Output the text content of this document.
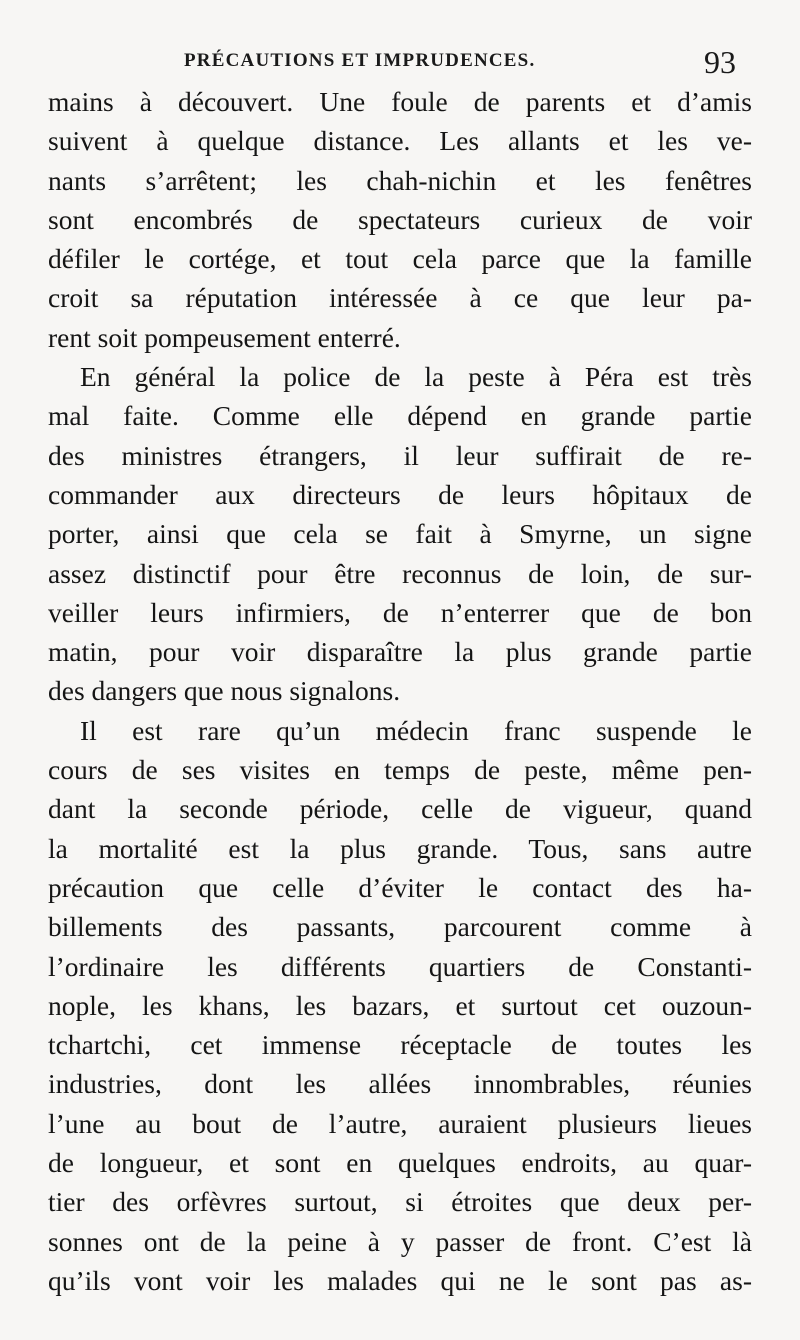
PRÉCAUTIONS ET IMPRUDENCES.	93
mains à découvert. Une foule de parents et d’amis
suivent à quelque distance. Les allants et les ve-
nants s’arrêtent; les chah-nichin et les fenêtres
sont encombrés de spectateurs curieux de voir
défiler le cortége, et tout cela parce que la famille
croit sa réputation intéressée à ce que leur pa-
rent soit pompeusement enterré.
En général la police de la peste à Péra est très
mal faite. Comme elle dépend en grande partie
des ministres étrangers, il leur suffirait de re-
commander aux directeurs de leurs hôpitaux de
porter, ainsi que cela se fait à Smyrne, un signe
assez distinctif pour être reconnus de loin, de sur-
veiller leurs infirmiers, de n’enterrer que de bon
matin, pour voir disparaître la plus grande partie
des dangers que nous signalons.
Il est rare qu’un médecin franc suspende le
cours de ses visites en temps de peste, même pen-
dant la seconde période, celle de vigueur, quand
la mortalité est la plus grande. Tous, sans autre
précaution que celle d’éviter le contact des ha-
billements des passants, parcourent comme à
l’ordinaire les différents quartiers de Constanti-
nople, les khans, les bazars, et surtout cet ouzoun-
tchartchi, cet immense réceptacle de toutes les
industries, dont les allées innombrables, réunies
l’une au bout de l’autre, auraient plusieurs lieues
de longueur, et sont en quelques endroits, au quar-
tier des orfèvres surtout, si étroites que deux per-
sonnes ont de la peine à y passer de front. C’est là
qu’ils vont voir les malades qui ne le sont pas as-
